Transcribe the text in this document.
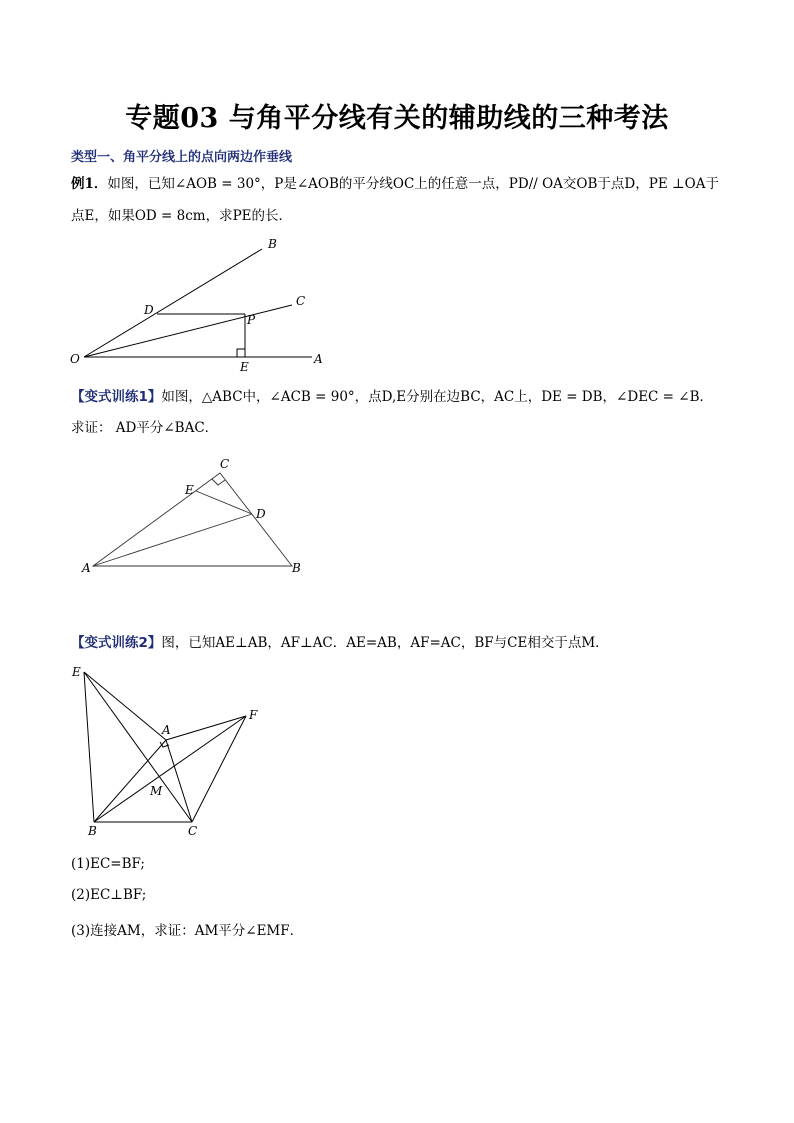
专题03 与角平分线有关的辅助线的三种考法
类型一、角平分线上的点向两边作垂线
例1．如图，已知∠AOB = 30°，P是∠AOB的平分线OC上的任意一点，PD// OA交OB于点D，PE ⊥OA于
点E，如果OD = 8cm，求PE的长．
B
C
D
P
O
E
A
【变式训练1】如图，△ABC中，∠ACB = 90°，点D,E分别在边BC，AC上，DE = DB，∠DEC = ∠B．
求证： AD平分∠BAC．
C
E
D
A	B
【变式训练2】图，已知AE⊥AB，AF⊥AC．AE=AB，AF=AC，BF与CE相交于点M．
E
A
F
M
B	C
(1)EC=BF;
(2)EC⊥BF;
(3)连接AM，求证：AM平分∠EMF．
